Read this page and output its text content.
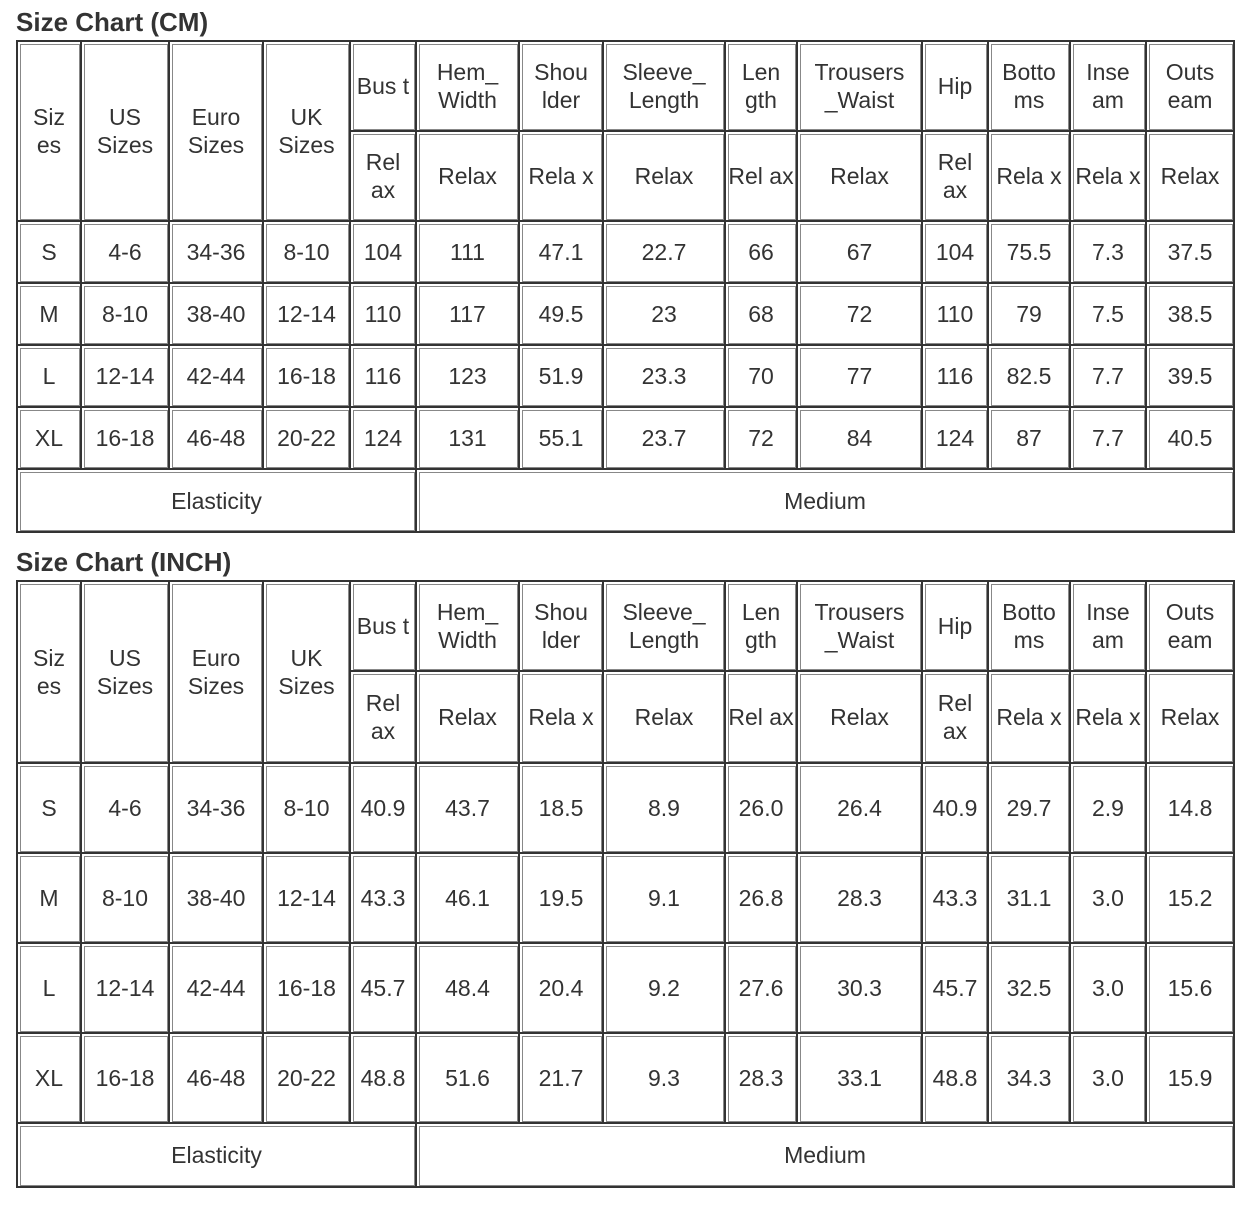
Size Chart (CM)
Siz es	US Sizes	Euro Sizes	UK Sizes	Bus t	Hem_ Width	Shou lder	Sleeve_ Length	Len gth	Trousers _Waist	Hip	Botto ms	Inse am	Outs eam
				Rel ax	Relax	Rela x	Relax	Rel ax	Relax	Rel ax	Rela x	Rela x	Relax
S	4-6	34-36	8-10	104	111	47.1	22.7	66	67	104	75.5	7.3	37.5
M	8-10	38-40	12-14	110	117	49.5	23	68	72	110	79	7.5	38.5
L	12-14	42-44	16-18	116	123	51.9	23.3	70	77	116	82.5	7.7	39.5
XL	16-18	46-48	20-22	124	131	55.1	23.7	72	84	124	87	7.7	40.5
Elasticity					Medium								
Size Chart (INCH)
Siz es	US Sizes	Euro Sizes	UK Sizes	Bus t	Hem_ Width	Shou lder	Sleeve_ Length	Len gth	Trousers _Waist	Hip	Botto ms	Inse am	Outs eam
				Rel ax	Relax	Rela x	Relax	Rel ax	Relax	Rel ax	Rela x	Rela x	Relax
S	4-6	34-36	8-10	40.9	43.7	18.5	8.9	26.0	26.4	40.9	29.7	2.9	14.8
M	8-10	38-40	12-14	43.3	46.1	19.5	9.1	26.8	28.3	43.3	31.1	3.0	15.2
L	12-14	42-44	16-18	45.7	48.4	20.4	9.2	27.6	30.3	45.7	32.5	3.0	15.6
XL	16-18	46-48	20-22	48.8	51.6	21.7	9.3	28.3	33.1	48.8	34.3	3.0	15.9
Elasticity					Medium								
